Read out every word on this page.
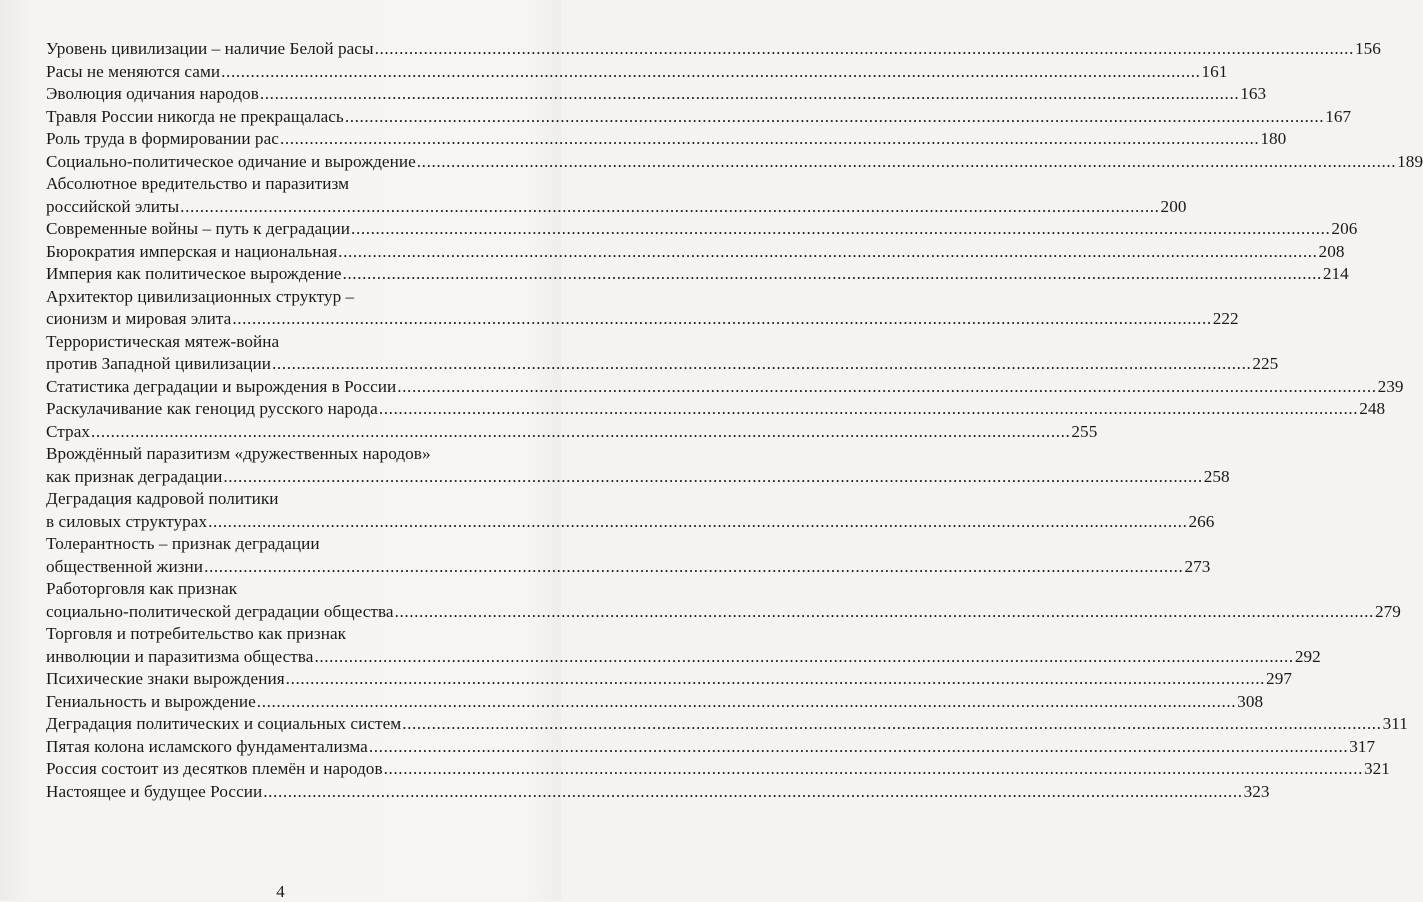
Уровень цивилизации – наличие Белой расы .....	156
Расы не меняются сами .....	161
Эволюция одичания народов .....	163
Травля России никогда не прекращалась .....	167
Роль труда в формировании рас .....	180
Социально-политическое одичание и вырождение .....	189
Абсолютное вредительство и паразитизм
российской элиты .....	200
Современные войны – путь к деградации .....	206
Бюрократия имперская и национальная .....	208
Империя как политическое вырождение .....	214
Архитектор цивилизационных структур –
сионизм и мировая элита .....	222
Террористическая мятеж-война
против Западной цивилизации .....	225
Статистика деградации и вырождения в России .....	239
Раскулачивание как геноцид русского народа .....	248
Страх .....	255
Врождённый паразитизм «дружественных народов»
как признак деградации .....	258
Деградация кадровой политики
в силовых структурах .....	266
Толерантность – признак деградации
общественной жизни .....	273
Работорговля как признак
социально-политической деградации общества .....	279
Торговля и потребительство как признак
инволюции и паразитизма общества .....	292
Психические знаки вырождения .....	297
Гениальность и вырождение .....	308
Деградация политических и социальных систем .....	311
Пятая колона исламского фундаментализма .....	317
Россия состоит из десятков племён и народов .....	321
Настоящее и будущее России .....	323
4
